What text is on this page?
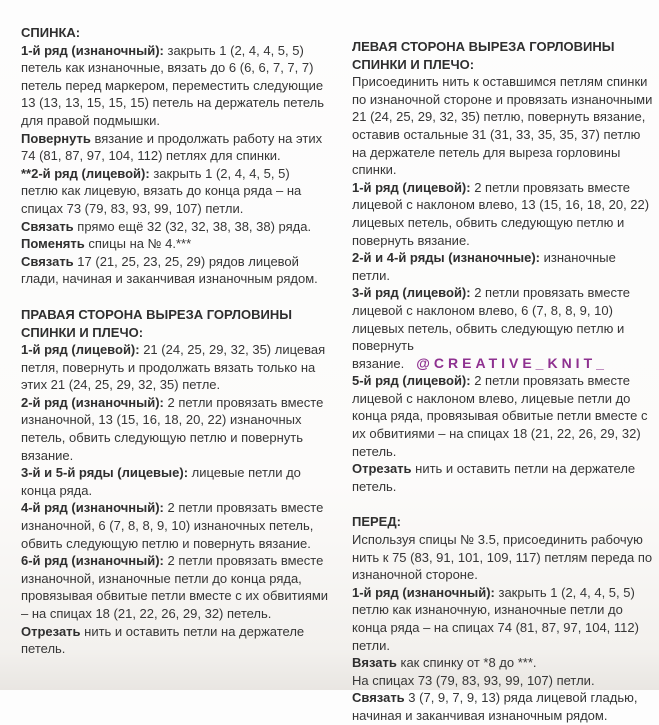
СПИНКА:

1-й ряд (изнаночный): закрыть 1 (2, 4, 4, 5, 5) петель как изнаночные, вязать до 6 (6, 6, 7, 7, 7) петель перед маркером, переместить следующие 13 (13, 13, 15, 15, 15) петель на держатель петель для правой подмышки.

Повернуть вязание и продолжать работу на этих 74 (81, 87, 97, 104, 112) петлях для спинки.

**2-й ряд (лицевой): закрыть 1 (2, 4, 4, 5, 5) петлю как лицевую, вязать до конца ряда – на спицах 73 (79, 83, 93, 99, 107) петли.

Связать прямо ещё 32 (32, 32, 38, 38, 38) ряда.

Поменять спицы на № 4.***

Связать 17 (21, 25, 23, 25, 29) рядов лицевой глади, начиная и заканчивая изнаночным рядом.

ПРАВАЯ СТОРОНА ВЫРЕЗА ГОРЛОВИНЫ СПИНКИ И ПЛЕЧО:

1-й ряд (лицевой): 21 (24, 25, 29, 32, 35) лицевая петля, повернуть и продолжать вязать только на этих 21 (24, 25, 29, 32, 35) петле.

2-й ряд (изнаночный): 2 петли провязать вместе изнаночной, 13 (15, 16, 18, 20, 22) изнаночных петель, обвить следующую петлю и повернуть вязание.

3-й и 5-й ряды (лицевые): лицевые петли до конца ряда.

4-й ряд (изнаночный): 2 петли провязать вместе изнаночной, 6 (7, 8, 8, 9, 10) изнаночных петель, обвить следующую петлю и повернуть вязание.

6-й ряд (изнаночный): 2 петли провязать вместе изнаночной, изнаночные петли до конца ряда, провязывая обвитые петли вместе с их обвитиями – на спицах 18 (21, 22, 26, 29, 32) петель.

Отрезать нить и оставить петли на держателе петель.

ЛЕВАЯ СТОРОНА ВЫРЕЗА ГОРЛОВИНЫ СПИНКИ И ПЛЕЧО:

Присоединить нить к оставшимся петлям спинки по изнаночной стороне и провязать изнаночными 21 (24, 25, 29, 32, 35) петлю, повернуть вязание, оставив остальные 31 (31, 33, 35, 35, 37) петлю на держателе петель для выреза горловины спинки.

1-й ряд (лицевой): 2 петли провязать вместе лицевой с наклоном влево, 13 (15, 16, 18, 20, 22) лицевых петель, обвить следующую петлю и повернуть вязание.

2-й и 4-й ряды (изнаночные): изнаночные петли.

3-й ряд (лицевой): 2 петли провязать вместе лицевой с наклоном влево, 6 (7, 8, 8, 9, 10) лицевых петель, обвить следующую петлю и повернуть вязание. @CREATIVE_KNIT_

5-й ряд (лицевой): 2 петли провязать вместе лицевой с наклоном влево, лицевые петли до конца ряда, провязывая обвитые петли вместе с их обвитиями – на спицах 18 (21, 22, 26, 29, 32) петель.

Отрезать нить и оставить петли на держателе петель.

ПЕРЕД:

Используя спицы № 3.5, присоединить рабочую нить к 75 (83, 91, 101, 109, 117) петлям переда по изнаночной стороне.

1-й ряд (изнаночный): закрыть 1 (2, 4, 4, 5, 5) петлю как изнаночную, изнаночные петли до конца ряда – на спицах 74 (81, 87, 97, 104, 112) петли.

Вязать как спинку от *8 до ***.

На спицах 73 (79, 83, 93, 99, 107) петли.

Связать 3 (7, 9, 7, 9, 13) ряда лицевой гладью, начиная и заканчивая изнаночным рядом.
